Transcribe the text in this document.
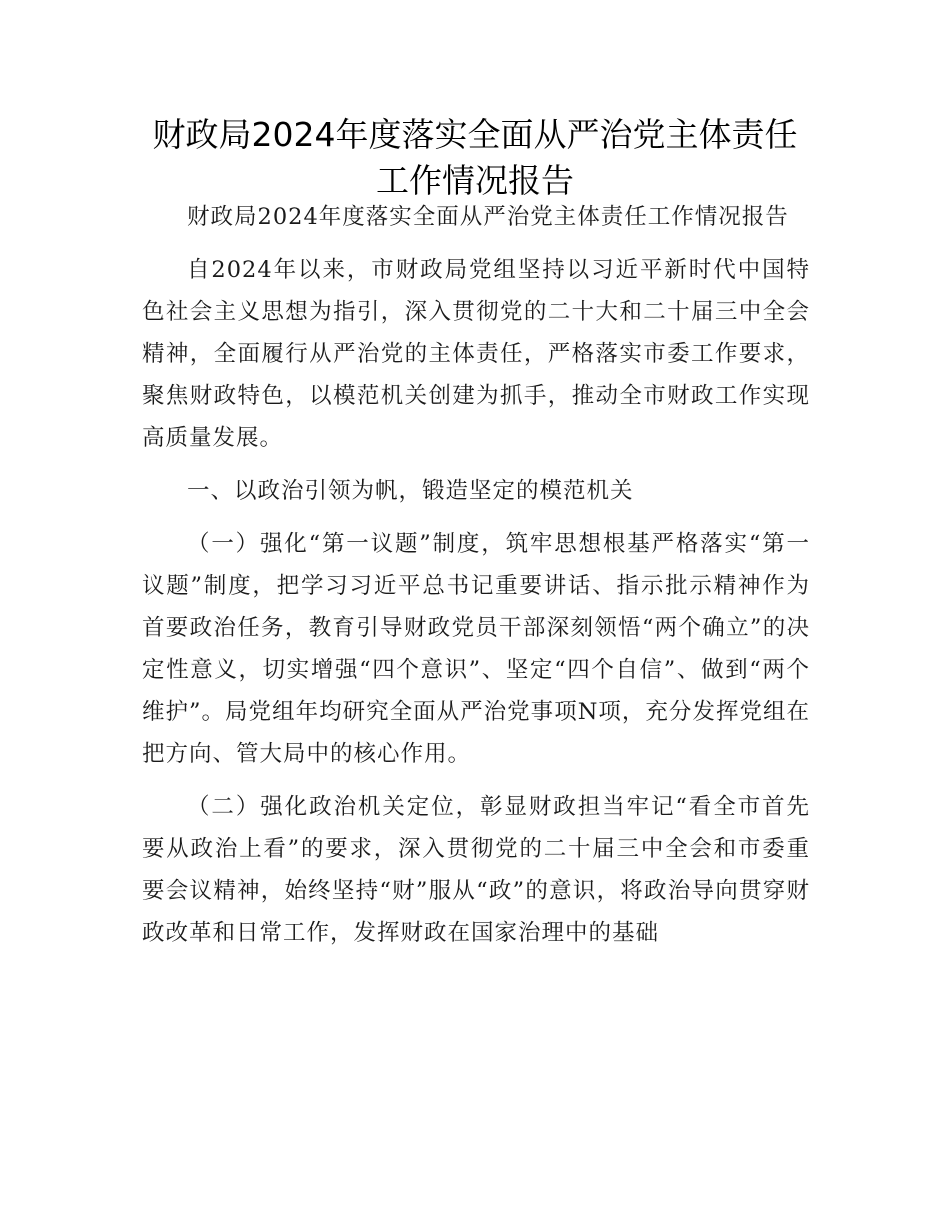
财政局2024年度落实全面从严治党主体责任工作情况报告

财政局2024年度落实全面从严治党主体责任工作情况报告

自2024年以来，市财政局党组坚持以习近平新时代中国特色社会主义思想为指引，深入贯彻党的二十大和二十届三中全会精神，全面履行从严治党的主体责任，严格落实市委工作要求，聚焦财政特色，以模范机关创建为抓手，推动全市财政工作实现高质量发展。

一、以政治引领为帆，锻造坚定的模范机关

（一）强化“第一议题”制度，筑牢思想根基严格落实“第一议题”制度，把学习习近平总书记重要讲话、指示批示精神作为首要政治任务，教育引导财政党员干部深刻领悟“两个确立”的决定性意义，切实增强“四个意识”、坚定“四个自信”、做到“两个维护”。局党组年均研究全面从严治党事项N项，充分发挥党组在把方向、管大局中的核心作用。

（二）强化政治机关定位，彰显财政担当牢记“看全市首先要从政治上看”的要求，深入贯彻党的二十届三中全会和市委重要会议精神，始终坚持“财”服从“政”的意识，将政治导向贯穿财政改革和日常工作，发挥财政在国家治理中的基础
